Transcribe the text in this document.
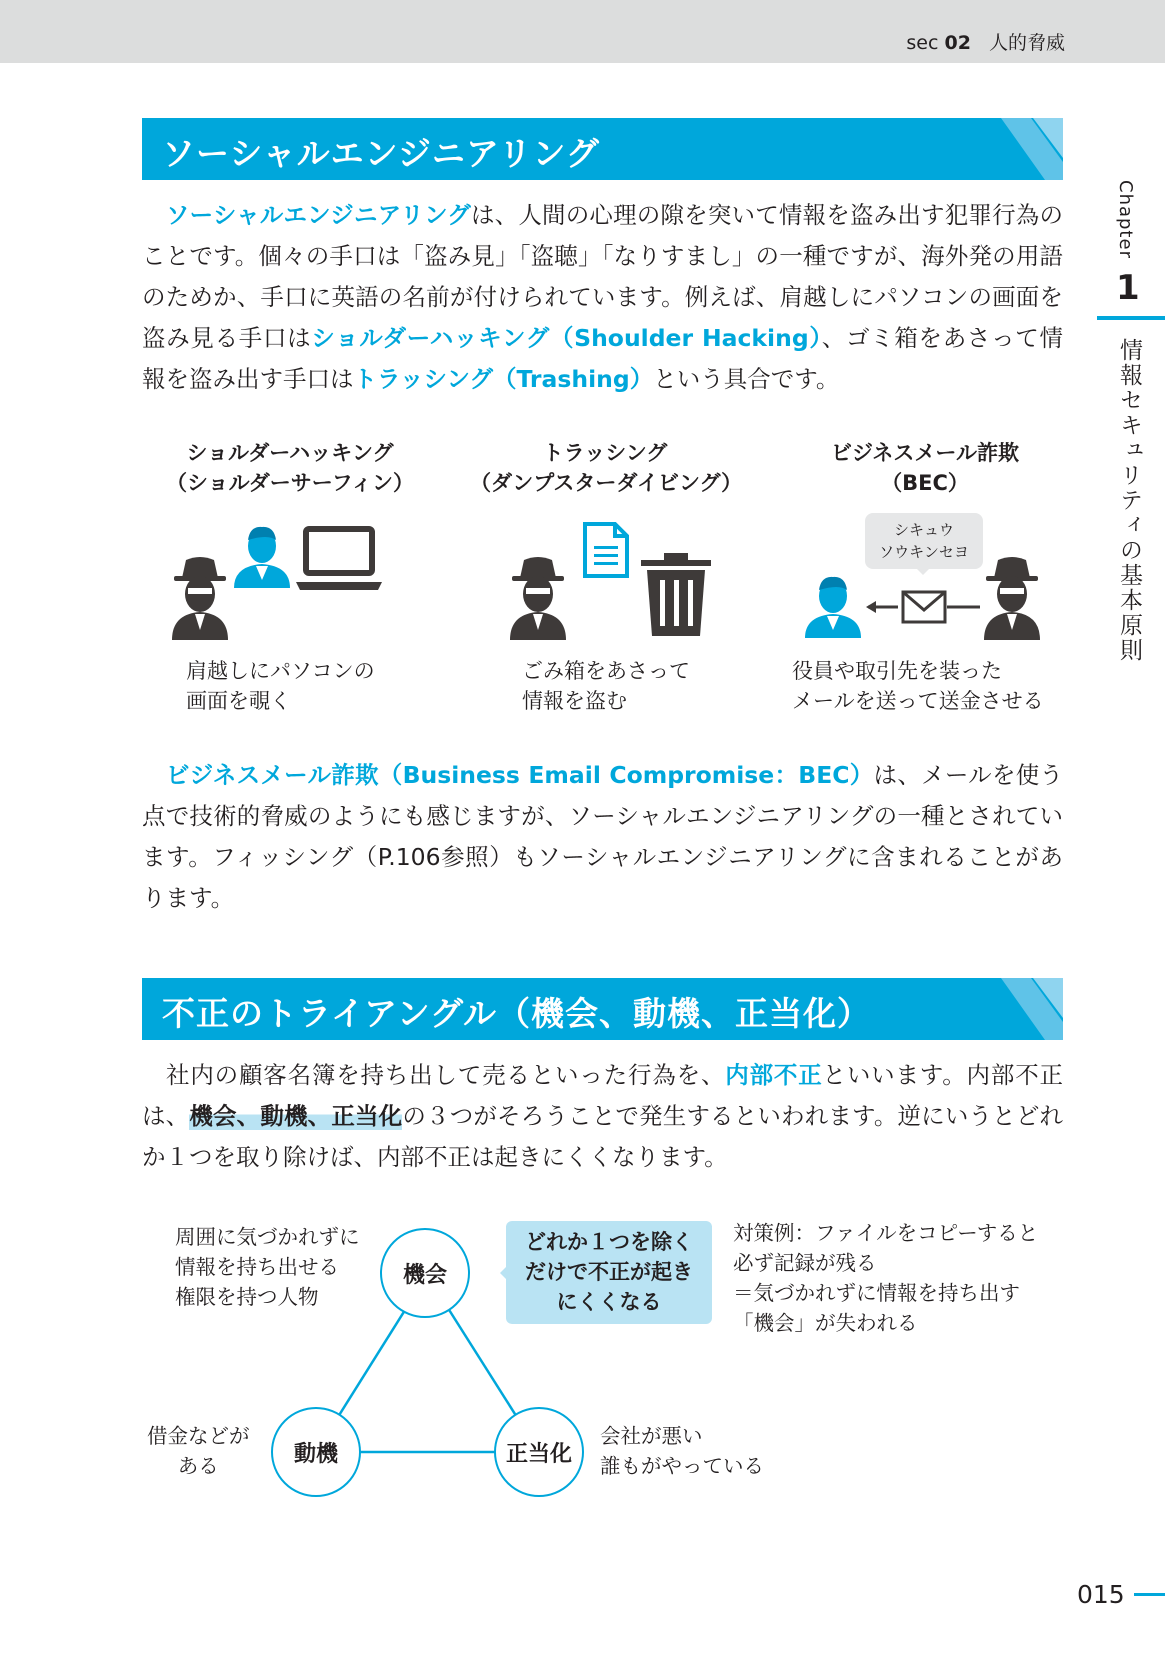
sec 02 人的脅威
Chapter
1
情報セキュリティの基本原則
ソーシャルエンジニアリング

ソーシャルエンジニアリングは、人間の心理の隙を突いて情報を盗み出す犯罪行為のことです。個々の手口は「盗み見」「盗聴」「なりすまし」の一種ですが、海外発の用語のためか、手口に英語の名前が付けられています。例えば、肩越しにパソコンの画面を盗み見る手口はショルダーハッキング（Shoulder Hacking）、ゴミ箱をあさって情報を盗み出す手口はトラッシング（Trashing）という具合です。

ショルダーハッキング
（ショルダーサーフィン）
トラッシング
（ダンプスターダイビング）
ビジネスメール詐欺
（BEC）
シキュウ
ソウキンセヨ
肩越しにパソコンの
画面を覗く
ごみ箱をあさって
情報を盗む
役員や取引先を装った
メールを送って送金させる

ビジネスメール詐欺（Business Email Compromise：BEC）は、メールを使う点で技術的脅威のようにも感じますが、ソーシャルエンジニアリングの一種とされています。フィッシング（P.106参照）もソーシャルエンジニアリングに含まれることがあります。

不正のトライアングル（機会、動機、正当化）

社内の顧客名簿を持ち出して売るといった行為を、内部不正といいます。内部不正は、機会、動機、正当化の３つがそろうことで発生するといわれます。逆にいうとどれか１つを取り除けば、内部不正は起きにくくなります。

機会
動機	正当化
周囲に気づかれずに
情報を持ち出せる
権限を持つ人物
借金などが
ある
会社が悪い
誰もがやっている
どれか１つを除く
だけで不正が起き
にくくなる
対策例：ファイルをコピーすると
必ず記録が残る
＝気づかれずに情報を持ち出す
「機会」が失われる
015
